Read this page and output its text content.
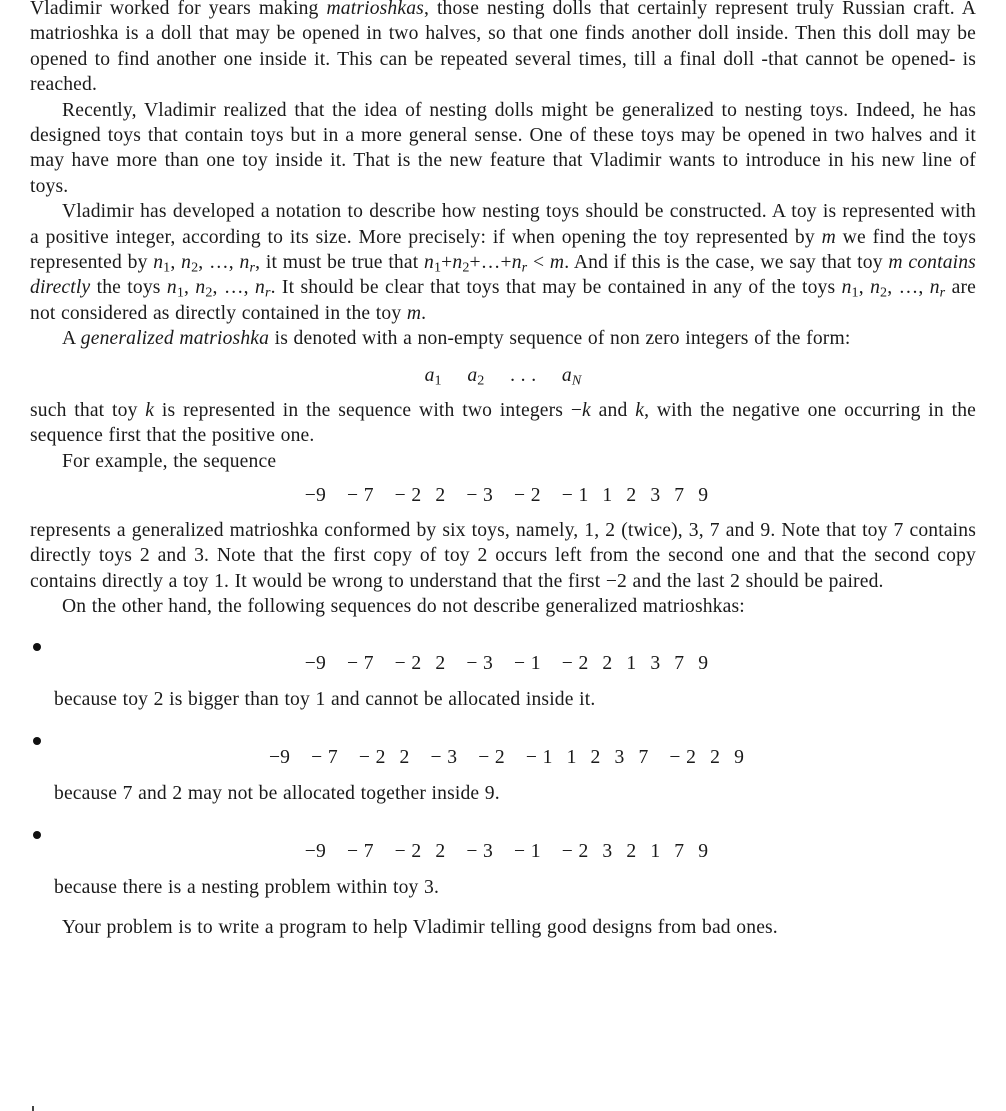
Vladimir worked for years making matrioshkas, those nesting dolls that certainly represent truly Russian craft. A matrioshka is a doll that may be opened in two halves, so that one finds another doll inside. Then this doll may be opened to find another one inside it. This can be repeated several times, till a final doll -that cannot be opened- is reached.

Recently, Vladimir realized that the idea of nesting dolls might be generalized to nesting toys. Indeed, he has designed toys that contain toys but in a more general sense. One of these toys may be opened in two halves and it may have more than one toy inside it. That is the new feature that Vladimir wants to introduce in his new line of toys.

Vladimir has developed a notation to describe how nesting toys should be constructed. A toy is represented with a positive integer, according to its size. More precisely: if when opening the toy represented by m we find the toys represented by $n_1$, $n_2$, …, $n_r$, it must be true that $n_1+n_2+\dots+n_r < m$. And if this is the case, we say that toy m contains directly the toys $n_1$, $n_2$, …, $n_r$. It should be clear that toys that may be contained in any of the toys $n_1$, $n_2$, …, $n_r$ are not considered as directly contained in the toy m.

A generalized matrioshka is denoted with a non-empty sequence of non zero integers of the form:

$a_1$ $a_2$ . . . $a_N$

such that toy k is represented in the sequence with two integers −k and k, with the negative one occurring in the sequence first that the positive one.

For example, the sequence

−9 − 7 − 2 2 − 3 − 2 − 1 1 2 3 7 9

represents a generalized matrioshka conformed by six toys, namely, 1, 2 (twice), 3, 7 and 9. Note that toy 7 contains directly toys 2 and 3. Note that the first copy of toy 2 occurs left from the second one and that the second copy contains directly a toy 1. It would be wrong to understand that the first −2 and the last 2 should be paired.

On the other hand, the following sequences do not describe generalized matrioshkas:

−9 − 7 − 2 2 − 3 − 1 − 2 2 1 3 7 9

because toy 2 is bigger than toy 1 and cannot be allocated inside it.

−9 − 7 − 2 2 − 3 − 2 − 1 1 2 3 7 − 2 2 9

because 7 and 2 may not be allocated together inside 9.

−9 − 7 − 2 2 − 3 − 1 − 2 3 2 1 7 9

because there is a nesting problem within toy 3.

Your problem is to write a program to help Vladimir telling good designs from bad ones.
